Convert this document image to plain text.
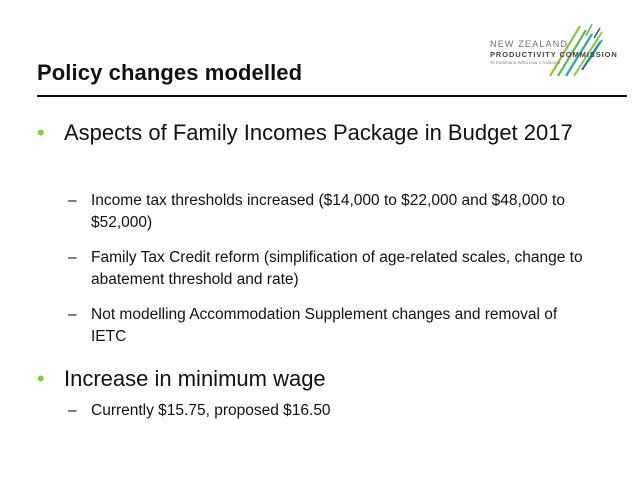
NEW ZEALAND
PRODUCTIVITY COMMISSION
Te Kōmihana Whai Hua o Aotearoa
Policy changes modelled
• Aspects of Family Incomes Package in Budget 2017
– Income tax thresholds increased ($14,000 to $22,000 and $48,000 to $52,000)
– Family Tax Credit reform (simplification of age-related scales, change to abatement threshold and rate)
– Not modelling Accommodation Supplement changes and removal of IETC
• Increase in minimum wage
– Currently $15.75, proposed $16.50
